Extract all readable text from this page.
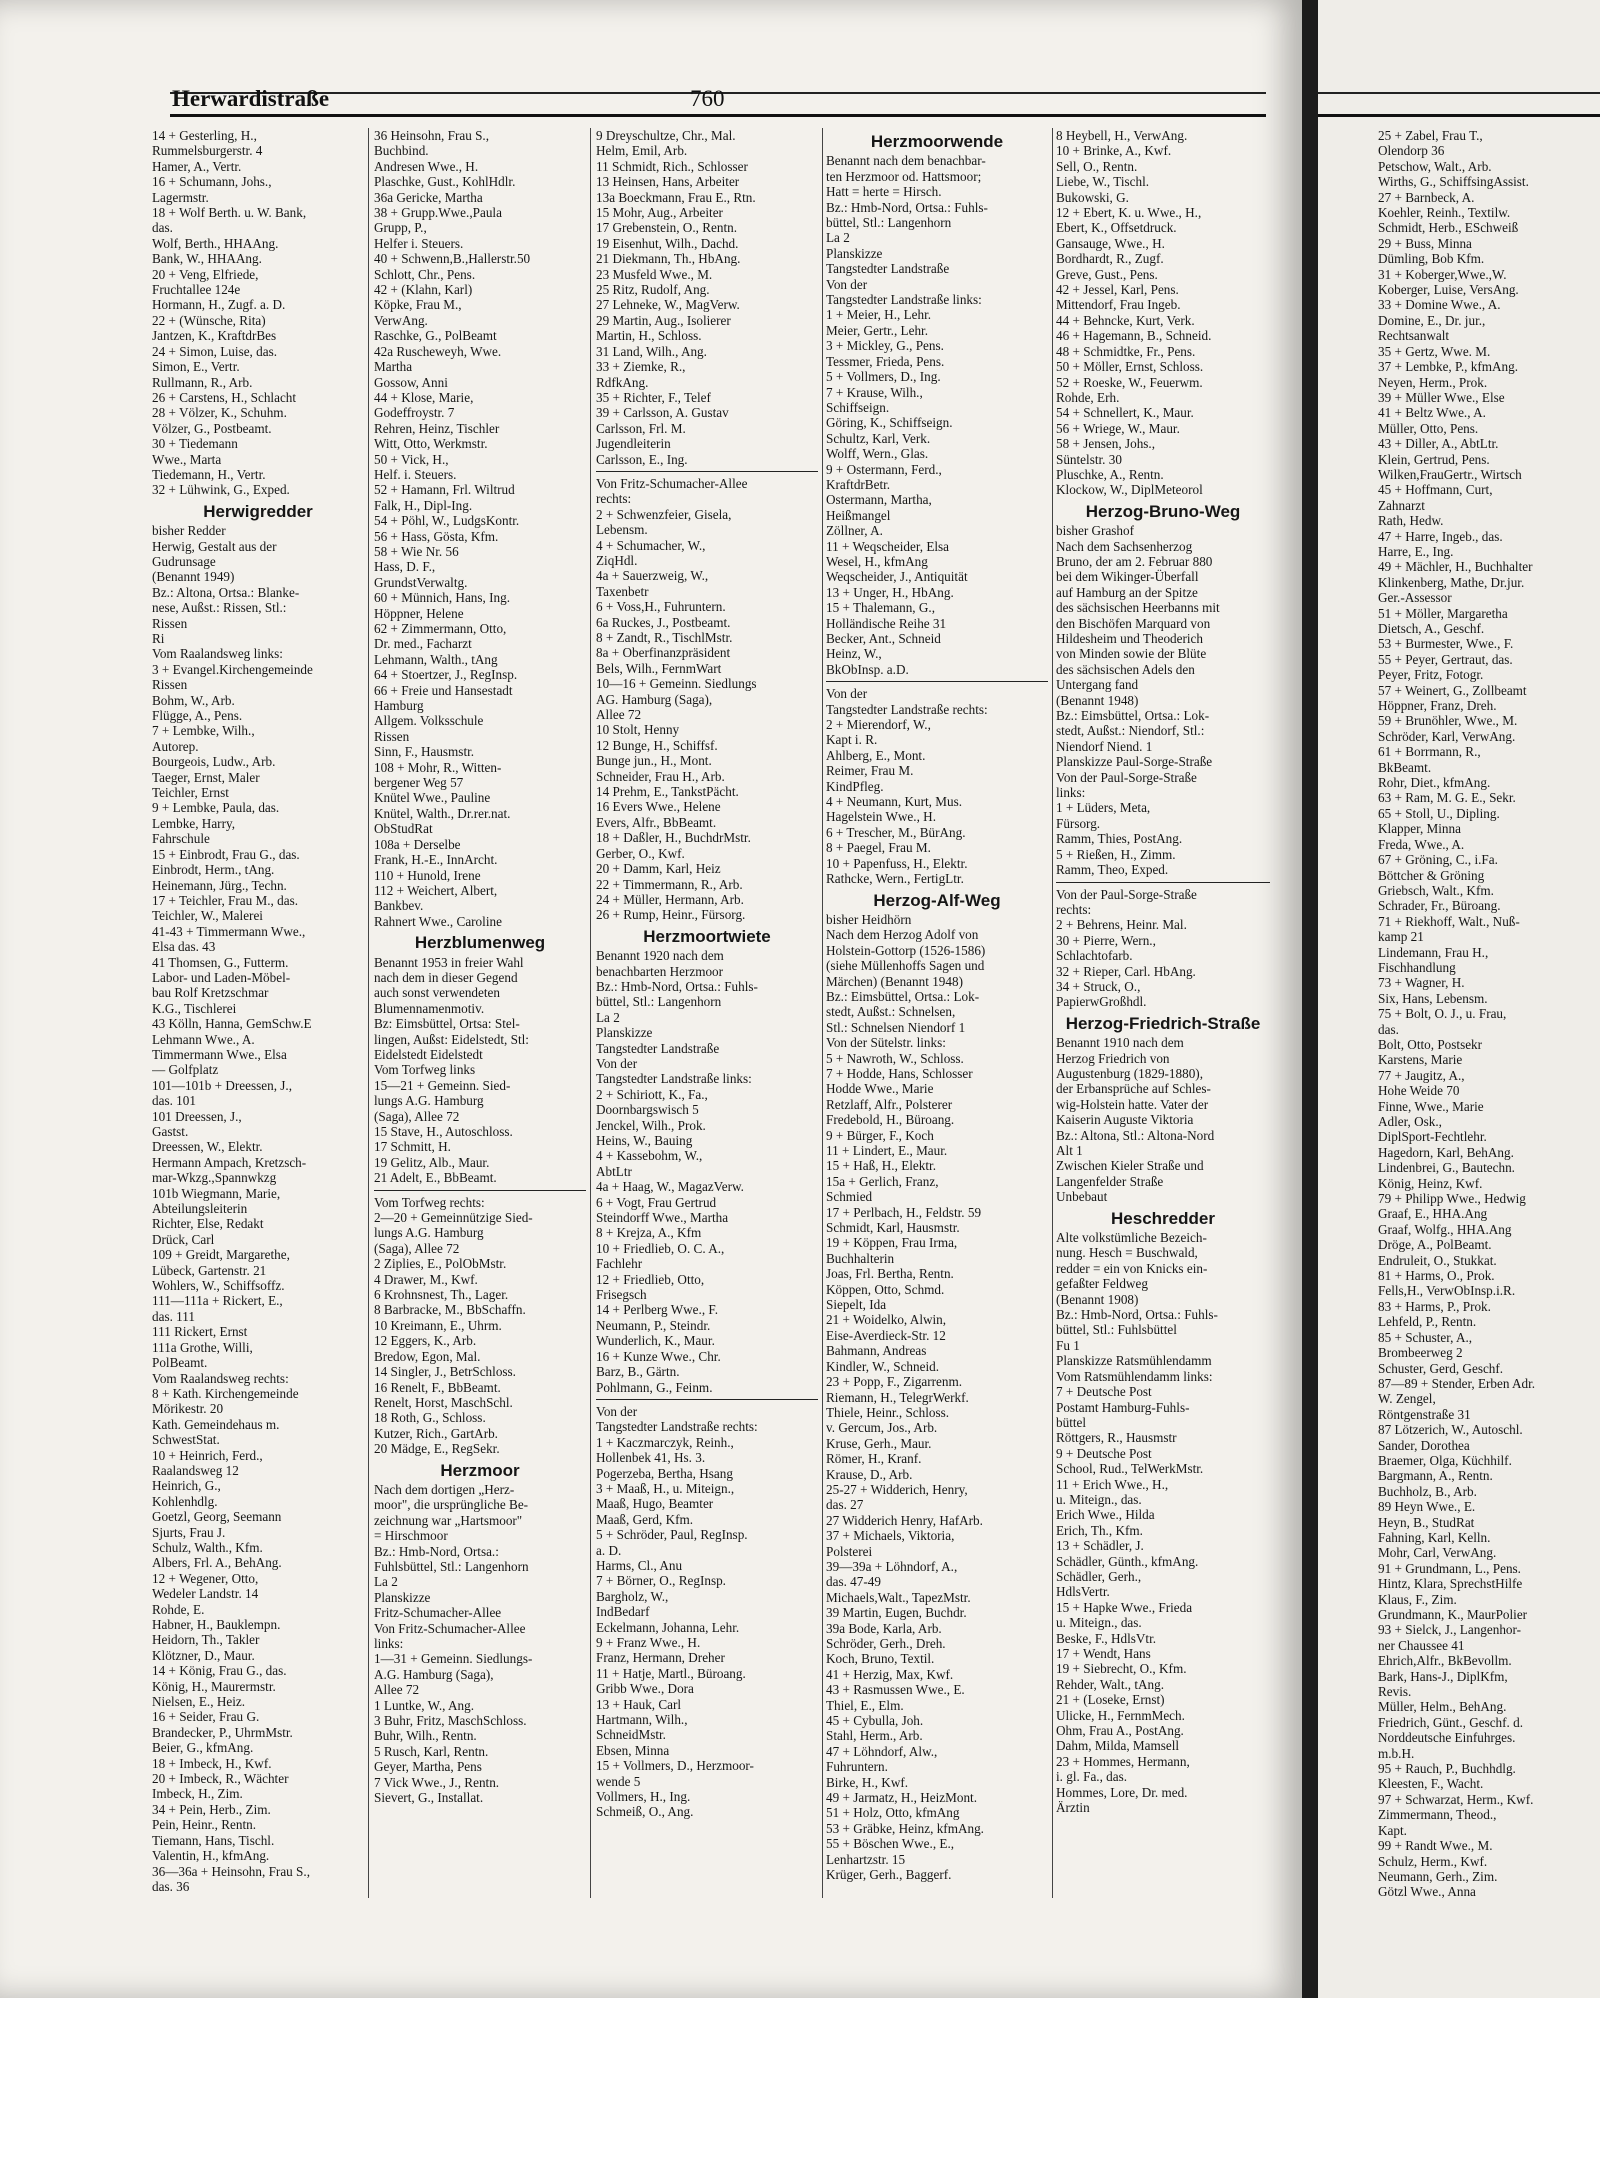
Herwardistraße	760
14 + Gesterling, H.,
Rummelsburgerstr. 4
Hamer, A., Vertr.
16 + Schumann, Johs.,
Lagermstr.
18 + Wolf Berth. u. W. Bank,
das.
Wolf, Berth., HHAAng.
Bank, W., HHAAng.
20 + Veng, Elfriede,
Fruchtallee 124e
Hormann, H., Zugf. a. D.
22 + (Wünsche, Rita)
Jantzen, K., KraftdrBes
24 + Simon, Luise, das.
Simon, E., Vertr.
Rullmann, R., Arb.
26 + Carstens, H., Schlacht
28 + Völzer, K., Schuhm.
Völzer, G., Postbeamt.
30 + Tiedemann
Wwe., Marta
Tiedemann, H., Vertr.
32 + Lühwink, G., Exped.
Herwigredder
bisher Redder
Herwig, Gestalt aus der
Gudrunsage
(Benannt 1949)
Bz.: Altona, Ortsa.: Blanke-
nese, Außst.: Rissen, Stl.:
Rissen
Ri
Vom Raalandsweg links:
3 + Evangel.Kirchengemeinde
Rissen
Bohm, W., Arb.
Flügge, A., Pens.
7 + Lembke, Wilh.,
Autorep.
Bourgeois, Ludw., Arb.
Taeger, Ernst, Maler
Teichler, Ernst
9 + Lembke, Paula, das.
Lembke, Harry,
Fahrschule
15 + Einbrodt, Frau G., das.
Einbrodt, Herm., tAng.
Heinemann, Jürg., Techn.
17 + Teichler, Frau M., das.
Teichler, W., Malerei
41-43 + Timmermann Wwe.,
Elsa das. 43
41 Thomsen, G., Futterm.
Labor- und Laden-Möbel-
bau Rolf Kretzschmar
K.G., Tischlerei
43 Kölln, Hanna, GemSchw.E
Lehmann Wwe., A.
Timmermann Wwe., Elsa
— Golfplatz
101—101b + Dreessen, J.,
das. 101
101 Dreessen, J.,
Gastst.
Dreessen, W., Elektr.
Hermann Ampach, Kretzsch-
mar-Wkzg.,Spannwkzg
101b Wiegmann, Marie,
Abteilungsleiterin
Richter, Else, Redakt
Drück, Carl
109 + Greidt, Margarethe,
Lübeck, Gartenstr. 21
Wohlers, W., Schiffsoffz.
111—111a + Rickert, E.,
das. 111
111 Rickert, Ernst
111a Grothe, Willi,
PolBeamt.
Vom Raalandsweg rechts:
8 + Kath. Kirchengemeinde
Mörikestr. 20
Kath. Gemeindehaus m.
SchwestStat.
10 + Heinrich, Ferd.,
Raalandsweg 12
Heinrich, G.,
Kohlenhdlg.
Goetzl, Georg, Seemann
Sjurts, Frau J.
Schulz, Walth., Kfm.
Albers, Frl. A., BehAng.
12 + Wegener, Otto,
Wedeler Landstr. 14
Rohde, E.
Habner, H., Bauklempn.
Heidorn, Th., Takler
Klötzner, D., Maur.
14 + König, Frau G., das.
König, H., Maurermstr.
Nielsen, E., Heiz.
16 + Seider, Frau G.
Brandecker, P., UhrmMstr.
Beier, G., kfmAng.
18 + Imbeck, H., Kwf.
20 + Imbeck, R., Wächter
Imbeck, H., Zim.
34 + Pein, Herb., Zim.
Pein, Heinr., Rentn.
Tiemann, Hans, Tischl.
Valentin, H., kfmAng.
36—36a + Heinsohn, Frau S.,
das. 36
36 Heinsohn, Frau S.,
Buchbind.
Andresen Wwe., H.
Plaschke, Gust., KohlHdlr.
36a Gericke, Martha
38 + Grupp.Wwe.,Paula
Grupp, P.,
Helfer i. Steuers.
40 + Schwenn,B.,Hallerstr.50
Schlott, Chr., Pens.
42 + (Klahn, Karl)
Köpke, Frau M.,
VerwAng.
Raschke, G., PolBeamt
42a Ruscheweyh, Wwe.
Martha
Gossow, Anni
44 + Klose, Marie,
Godeffroystr. 7
Rehren, Heinz, Tischler
Witt, Otto, Werkmstr.
50 + Vick, H.,
Helf. i. Steuers.
52 + Hamann, Frl. Wiltrud
Falk, H., Dipl-Ing.
54 + Pöhl, W., LudgsKontr.
56 + Hass, Gösta, Kfm.
58 + Wie Nr. 56
Hass, D. F.,
GrundstVerwaltg.
60 + Münnich, Hans, Ing.
Höppner, Helene
62 + Zimmermann, Otto,
Dr. med., Facharzt
Lehmann, Walth., tAng
64 + Stoertzer, J., RegInsp.
66 + Freie und Hansestadt
Hamburg
Allgem. Volksschule
Rissen
Sinn, F., Hausmstr.
108 + Mohr, R., Witten-
bergener Weg 57
Knütel Wwe., Pauline
Knütel, Walth., Dr.rer.nat.
ObStudRat
108a + Derselbe
Frank, H.-E., InnArcht.
110 + Hunold, Irene
112 + Weichert, Albert,
Bankbev.
Rahnert Wwe., Caroline
Herzblumenweg
Benannt 1953 in freier Wahl
nach dem in dieser Gegend
auch sonst verwendeten
Blumennamenmotiv.
Bz: Eimsbüttel, Ortsa: Stel-
lingen, Außst: Eidelstedt, Stl:
Eidelstedt Eidelstedt
Vom Torfweg links
15—21 + Gemeinn. Sied-
lungs A.G. Hamburg
(Saga), Allee 72
15 Stave, H., Autoschloss.
17 Schmitt, H.
19 Gelitz, Alb., Maur.
21 Adelt, E., BbBeamt.
Vom Torfweg rechts:
2—20 + Gemeinnützige Sied-
lungs A.G. Hamburg
(Saga), Allee 72
2 Ziplies, E., PolObMstr.
4 Drawer, M., Kwf.
6 Krohnsnest, Th., Lager.
8 Barbracke, M., BbSchaffn.
10 Kreimann, E., Uhrm.
12 Eggers, K., Arb.
Bredow, Egon, Mal.
14 Singler, J., BetrSchloss.
16 Renelt, F., BbBeamt.
Renelt, Horst, MaschSchl.
18 Roth, G., Schloss.
Kutzer, Rich., GartArb.
20 Mädge, E., RegSekr.
Herzmoor
Nach dem dortigen „Herz-
moor", die ursprüngliche Be-
zeichnung war „Hartsmoor"
= Hirschmoor
Bz.: Hmb-Nord, Ortsa.:
Fuhlsbüttel, Stl.: Langenhorn
La 2
Planskizze
Fritz-Schumacher-Allee
Von Fritz-Schumacher-Allee
links:
1—31 + Gemeinn. Siedlungs-
A.G. Hamburg (Saga),
Allee 72
1 Luntke, W., Ang.
3 Buhr, Fritz, MaschSchloss.
Buhr, Wilh., Rentn.
5 Rusch, Karl, Rentn.
Geyer, Martha, Pens
7 Vick Wwe., J., Rentn.
Sievert, G., Installat.
9 Dreyschultze, Chr., Mal.
Helm, Emil, Arb.
11 Schmidt, Rich., Schlosser
13 Heinsen, Hans, Arbeiter
13a Boeckmann, Frau E., Rtn.
15 Mohr, Aug., Arbeiter
17 Grebenstein, O., Rentn.
19 Eisenhut, Wilh., Dachd.
21 Diekmann, Th., HbAng.
23 Musfeld Wwe., M.
25 Ritz, Rudolf, Ang.
27 Lehneke, W., MagVerw.
29 Martin, Aug., Isolierer
Martin, H., Schloss.
31 Land, Wilh., Ang.
33 + Ziemke, R.,
RdfkAng.
35 + Richter, F., Telef
39 + Carlsson, A. Gustav
Carlsson, Frl. M.
Jugendleiterin
Carlsson, E., Ing.
Von Fritz-Schumacher-Allee
rechts:
2 + Schwenzfeier, Gisela,
Lebensm.
4 + Schumacher, W.,
ZiqHdl.
4a + Sauerzweig, W.,
Taxenbetr
6 + Voss,H., Fuhruntern.
6a Ruckes, J., Postbeamt.
8 + Zandt, R., TischlMstr.
8a + Oberfinanzpräsident
Bels, Wilh., FernmWart
10—16 + Gemeinn. Siedlungs
AG. Hamburg (Saga),
Allee 72
10 Stolt, Henny
12 Bunge, H., Schiffsf.
Bunge jun., H., Mont.
Schneider, Frau H., Arb.
14 Prehm, E., TankstPächt.
16 Evers Wwe., Helene
Evers, Alfr., BbBeamt.
18 + Daßler, H., BuchdrMstr.
Gerber, O., Kwf.
20 + Damm, Karl, Heiz
22 + Timmermann, R., Arb.
24 + Müller, Hermann, Arb.
26 + Rump, Heinr., Fürsorg.
Herzmoortwiete
Benannt 1920 nach dem
benachbarten Herzmoor
Bz.: Hmb-Nord, Ortsa.: Fuhls-
büttel, Stl.: Langenhorn
La 2
Planskizze
Tangstedter Landstraße
Von der
Tangstedter Landstraße links:
2 + Schiriott, K., Fa.,
Doornbargswisch 5
Jenckel, Wilh., Prok.
Heins, W., Bauing
4 + Kassebohm, W.,
AbtLtr
4a + Haag, W., MagazVerw.
6 + Vogt, Frau Gertrud
Steindorff Wwe., Martha
8 + Krejza, A., Kfm
10 + Friedlieb, O. C. A.,
Fachlehr
12 + Friedlieb, Otto,
Frisegsch
14 + Perlberg Wwe., F.
Neumann, P., Steindr.
Wunderlich, K., Maur.
16 + Kunze Wwe., Chr.
Barz, B., Gärtn.
Pohlmann, G., Feinm.
Von der
Tangstedter Landstraße rechts:
1 + Kaczmarczyk, Reinh.,
Hollenbek 41, Hs. 3.
Pogerzeba, Bertha, Hsang
3 + Maaß, H., u. Miteign.,
Maaß, Hugo, Beamter
Maaß, Gerd, Kfm.
5 + Schröder, Paul, RegInsp.
a. D.
Harms, Cl., Anu
7 + Börner, O., RegInsp.
Bargholz, W.,
IndBedarf
Eckelmann, Johanna, Lehr.
9 + Franz Wwe., H.
Franz, Hermann, Dreher
11 + Hatje, Martl., Büroang.
Gribb Wwe., Dora
13 + Hauk, Carl
Hartmann, Wilh.,
SchneidMstr.
Ebsen, Minna
15 + Vollmers, D., Herzmoor-
wende 5
Vollmers, H., Ing.
Schmeiß, O., Ang.
Herzmoorwende
Benannt nach dem benachbar-
ten Herzmoor od. Hattsmoor;
Hatt = herte = Hirsch.
Bz.: Hmb-Nord, Ortsa.: Fuhls-
büttel, Stl.: Langenhorn
La 2
Planskizze
Tangstedter Landstraße
Von der
Tangstedter Landstraße links:
1 + Meier, H., Lehr.
Meier, Gertr., Lehr.
3 + Mickley, G., Pens.
Tessmer, Frieda, Pens.
5 + Vollmers, D., Ing.
7 + Krause, Wilh.,
Schiffseign.
Göring, K., Schiffseign.
Schultz, Karl, Verk.
Wolff, Wern., Glas.
9 + Ostermann, Ferd.,
KraftdrBetr.
Ostermann, Martha,
Heißmangel
Zöllner, A.
11 + Weqscheider, Elsa
Wesel, H., kfmAng
Weqscheider, J., Antiquität
13 + Unger, H., HbAng.
15 + Thalemann, G.,
Holländische Reihe 31
Becker, Ant., Schneid
Heinz, W.,
BkObInsp. a.D.
Von der
Tangstedter Landstraße rechts:
2 + Mierendorf, W.,
Kapt i. R.
Ahlberg, E., Mont.
Reimer, Frau M.
KindPfleg.
4 + Neumann, Kurt, Mus.
Hagelstein Wwe., H.
6 + Trescher, M., BürAng.
8 + Paegel, Frau M.
10 + Papenfuss, H., Elektr.
Rathcke, Wern., FertigLtr.
Herzog-Alf-Weg
bisher Heidhörn
Nach dem Herzog Adolf von
Holstein-Gottorp (1526-1586)
(siehe Müllenhoffs Sagen und
Märchen) (Benannt 1948)
Bz.: Eimsbüttel, Ortsa.: Lok-
stedt, Außst.: Schnelsen,
Stl.: Schnelsen Niendorf 1
Von der Sütelstr. links:
5 + Nawroth, W., Schloss.
7 + Hodde, Hans, Schlosser
Hodde Wwe., Marie
Retzlaff, Alfr., Polsterer
Fredebold, H., Büroang.
9 + Bürger, F., Koch
11 + Lindert, E., Maur.
15 + Haß, H., Elektr.
15a + Gerlich, Franz,
Schmied
17 + Perlbach, H., Feldstr. 59
Schmidt, Karl, Hausmstr.
19 + Köppen, Frau Irma,
Buchhalterin
Joas, Frl. Bertha, Rentn.
Köppen, Otto, Schmd.
Siepelt, Ida
21 + Woidelko, Alwin,
Eise-Averdieck-Str. 12
Bahmann, Andreas
Kindler, W., Schneid.
23 + Popp, F., Zigarrenm.
Riemann, H., TelegrWerkf.
Thiele, Heinr., Schloss.
v. Gercum, Jos., Arb.
Kruse, Gerh., Maur.
Römer, H., Kranf.
Krause, D., Arb.
25-27 + Widderich, Henry,
das. 27
27 Widderich Henry, HafArb.
37 + Michaels, Viktoria,
Polsterei
39—39a + Löhndorf, A.,
das. 47-49
Michaels,Walt., TapezMstr.
39 Martin, Eugen, Buchdr.
39a Bode, Karla, Arb.
Schröder, Gerh., Dreh.
Koch, Bruno, Textil.
41 + Herzig, Max, Kwf.
43 + Rasmussen Wwe., E.
Thiel, E., Elm.
45 + Cybulla, Joh.
Stahl, Herm., Arb.
47 + Löhndorf, Alw.,
Fuhruntern.
Birke, H., Kwf.
49 + Jarmatz, H., HeizMont.
51 + Holz, Otto, kfmAng
53 + Gräbke, Heinz, kfmAng.
55 + Böschen Wwe., E.,
Lenhartzstr. 15
Krüger, Gerh., Baggerf.
8 Heybell, H., VerwAng.
10 + Brinke, A., Kwf.
Sell, O., Rentn.
Liebe, W., Tischl.
Bukowski, G.
12 + Ebert, K. u. Wwe., H.,
Ebert, K., Offsetdruck.
Gansauge, Wwe., H.
Bordhardt, R., Zugf.
Greve, Gust., Pens.
42 + Jessel, Karl, Pens.
Mittendorf, Frau Ingeb.
44 + Behncke, Kurt, Verk.
46 + Hagemann, B., Schneid.
48 + Schmidtke, Fr., Pens.
50 + Möller, Ernst, Schloss.
52 + Roeske, W., Feuerwm.
Rohde, Erh.
54 + Schnellert, K., Maur.
56 + Wriege, W., Maur.
58 + Jensen, Johs.,
Süntelstr. 30
Pluschke, A., Rentn.
Klockow, W., DiplMeteorol
Herzog-Bruno-Weg
bisher Grashof
Nach dem Sachsenherzog
Bruno, der am 2. Februar 880
bei dem Wikinger-Überfall
auf Hamburg an der Spitze
des sächsischen Heerbanns mit
den Bischöfen Marquard von
Hildesheim und Theoderich
von Minden sowie der Blüte
des sächsischen Adels den
Untergang fand
(Benannt 1948)
Bz.: Eimsbüttel, Ortsa.: Lok-
stedt, Außst.: Niendorf, Stl.:
Niendorf Niend. 1
Planskizze Paul-Sorge-Straße
Von der Paul-Sorge-Straße
links:
1 + Lüders, Meta,
Fürsorg.
Ramm, Thies, PostAng.
5 + Rießen, H., Zimm.
Ramm, Theo, Exped.
Von der Paul-Sorge-Straße
rechts:
2 + Behrens, Heinr. Mal.
30 + Pierre, Wern.,
Schlachtofarb.
32 + Rieper, Carl. HbAng.
34 + Struck, O.,
PapierwGroßhdl.
Herzog-Friedrich-Straße
Benannt 1910 nach dem
Herzog Friedrich von
Augustenburg (1829-1880),
der Erbansprüche auf Schles-
wig-Holstein hatte. Vater der
Kaiserin Auguste Viktoria
Bz.: Altona, Stl.: Altona-Nord
Alt 1
Zwischen Kieler Straße und
Langenfelder Straße
Unbebaut
Heschredder
Alte volkstümliche Bezeich-
nung. Hesch = Buschwald,
redder = ein von Knicks ein-
gefaßter Feldweg
(Benannt 1908)
Bz.: Hmb-Nord, Ortsa.: Fuhls-
büttel, Stl.: Fuhlsbüttel
Fu 1
Planskizze Ratsmühlendamm
Vom Ratsmühlendamm links:
7 + Deutsche Post
Postamt Hamburg-Fuhls-
büttel
Röttgers, R., Hausmstr
9 + Deutsche Post
School, Rud., TelWerkMstr.
11 + Erich Wwe., H.,
u. Miteign., das.
Erich Wwe., Hilda
Erich, Th., Kfm.
13 + Schädler, J.
Schädler, Günth., kfmAng.
Schädler, Gerh.,
HdlsVertr.
15 + Hapke Wwe., Frieda
u. Miteign., das.
Beske, F., HdlsVtr.
17 + Wendt, Hans
19 + Siebrecht, O., Kfm.
Rehder, Walt., tAng.
21 + (Loseke, Ernst)
Ulicke, H., FernmMech.
Ohm, Frau A., PostAng.
Dahm, Milda, Mamsell
23 + Hommes, Hermann,
i. gl. Fa., das.
Hommes, Lore, Dr. med.
Ärztin
25 + Zabel, Frau T.,
Olendorp 36
Petschow, Walt., Arb.
Wirths, G., SchiffsingAssist.
27 + Barnbeck, A.
Koehler, Reinh., Textilw.
Schmidt, Herb., ESchweiß
29 + Buss, Minna
Dümling, Bob Kfm.
31 + Koberger,Wwe.,W.
Koberger, Luise, VersAng.
33 + Domine Wwe., A.
Domine, E., Dr. jur.,
Rechtsanwalt
35 + Gertz, Wwe. M.
37 + Lembke, P., kfmAng.
Neyen, Herm., Prok.
39 + Müller Wwe., Else
41 + Beltz Wwe., A.
Müller, Otto, Pens.
43 + Diller, A., AbtLtr.
Klein, Gertrud, Pens.
Wilken,FrauGertr., Wirtsch
45 + Hoffmann, Curt,
Zahnarzt
Rath, Hedw.
47 + Harre, Ingeb., das.
Harre, E., Ing.
49 + Mächler, H., Buchhalter
Klinkenberg, Mathe, Dr.jur.
Ger.-Assessor
51 + Möller, Margaretha
Dietsch, A., Geschf.
53 + Burmester, Wwe., F.
55 + Peyer, Gertraut, das.
Peyer, Fritz, Fotogr.
57 + Weinert, G., Zollbeamt
Höppner, Franz, Dreh.
59 + Brunöhler, Wwe., M.
Schröder, Karl, VerwAng.
61 + Borrmann, R.,
BkBeamt.
Rohr, Diet., kfmAng.
63 + Ram, M. G. E., Sekr.
65 + Stoll, U., Dipling.
Klapper, Minna
Freda, Wwe., A.
67 + Gröning, C., i.Fa.
Böttcher & Gröning
Griebsch, Walt., Kfm.
Schrader, Fr., Büroang.
71 + Riekhoff, Walt., Nuß-
kamp 21
Lindemann, Frau H.,
Fischhandlung
73 + Wagner, H.
Six, Hans, Lebensm.
75 + Bolt, O. J., u. Frau,
das.
Bolt, Otto, Postsekr
Karstens, Marie
77 + Jaugitz, A.,
Hohe Weide 70
Finne, Wwe., Marie
Adler, Osk.,
DiplSport-Fechtlehr.
Hagedorn, Karl, BehAng.
Lindenbrei, G., Bautechn.
König, Heinz, Kwf.
79 + Philipp Wwe., Hedwig
Graaf, E., HHA.Ang
Graaf, Wolfg., HHA.Ang
Dröge, A., PolBeamt.
Endruleit, O., Stukkat.
81 + Harms, O., Prok.
Fells,H., VerwObInsp.i.R.
83 + Harms, P., Prok.
Lehfeld, P., Rentn.
85 + Schuster, A.,
Brombeerweg 2
Schuster, Gerd, Geschf.
87—89 + Stender, Erben Adr.
W. Zengel,
Röntgenstraße 31
87 Lötzerich, W., Autoschl.
Sander, Dorothea
Braemer, Olga, Küchhilf.
Bargmann, A., Rentn.
Buchholz, B., Arb.
89 Heyn Wwe., E.
Heyn, B., StudRat
Fahning, Karl, Kelln.
Mohr, Carl, VerwAng.
91 + Grundmann, L., Pens.
Hintz, Klara, SprechstHilfe
Klaus, F., Zim.
Grundmann, K., MaurPolier
93 + Sielck, J., Langenhor-
ner Chaussee 41
Ehrich,Alfr., BkBevollm.
Bark, Hans-J., DiplKfm,
Revis.
Müller, Helm., BehAng.
Friedrich, Günt., Geschf. d.
Norddeutsche Einfuhrges.
m.b.H.
95 + Rauch, P., Buchhdlg.
Kleesten, F., Wacht.
97 + Schwarzat, Herm., Kwf.
Zimmermann, Theod.,
Kapt.
99 + Randt Wwe., M.
Schulz, Herm., Kwf.
Neumann, Gerh., Zim.
Götzl Wwe., Anna
